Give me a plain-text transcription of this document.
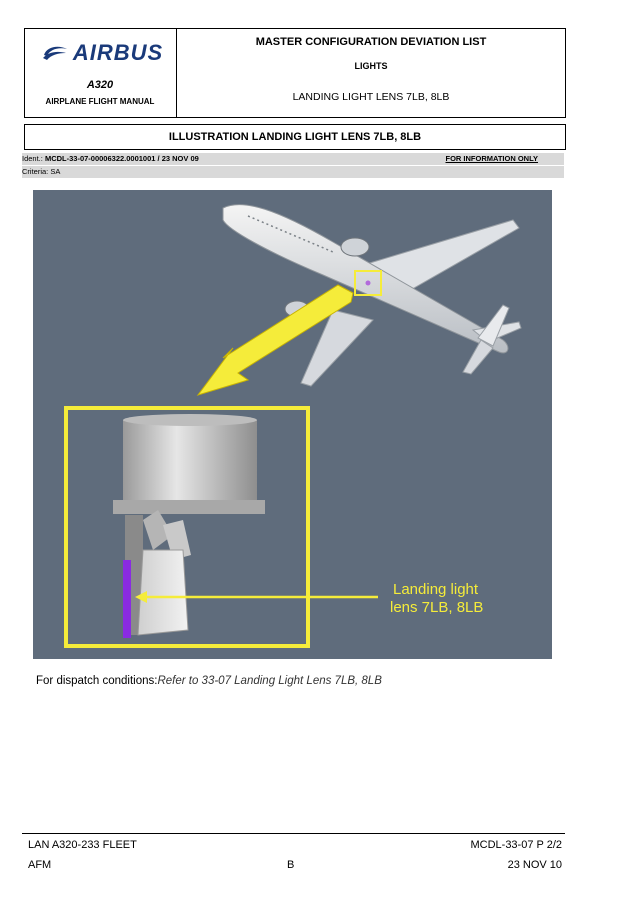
AIRBUS
A320
AIRPLANE FLIGHT MANUAL
MASTER CONFIGURATION DEVIATION LIST
LIGHTS
LANDING LIGHT LENS 7LB, 8LB
ILLUSTRATION LANDING LIGHT LENS 7LB, 8LB
Ident.: MCDL-33-07-00006322.0001001 / 23 NOV 09	FOR INFORMATION ONLY
Criteria: SA
Landing light
lens 7LB, 8LB
For dispatch conditions:Refer to 33-07 Landing Light Lens 7LB, 8LB
LAN A320-233 FLEET	MCDL-33-07 P 2/2
AFM	B	23 NOV 10
